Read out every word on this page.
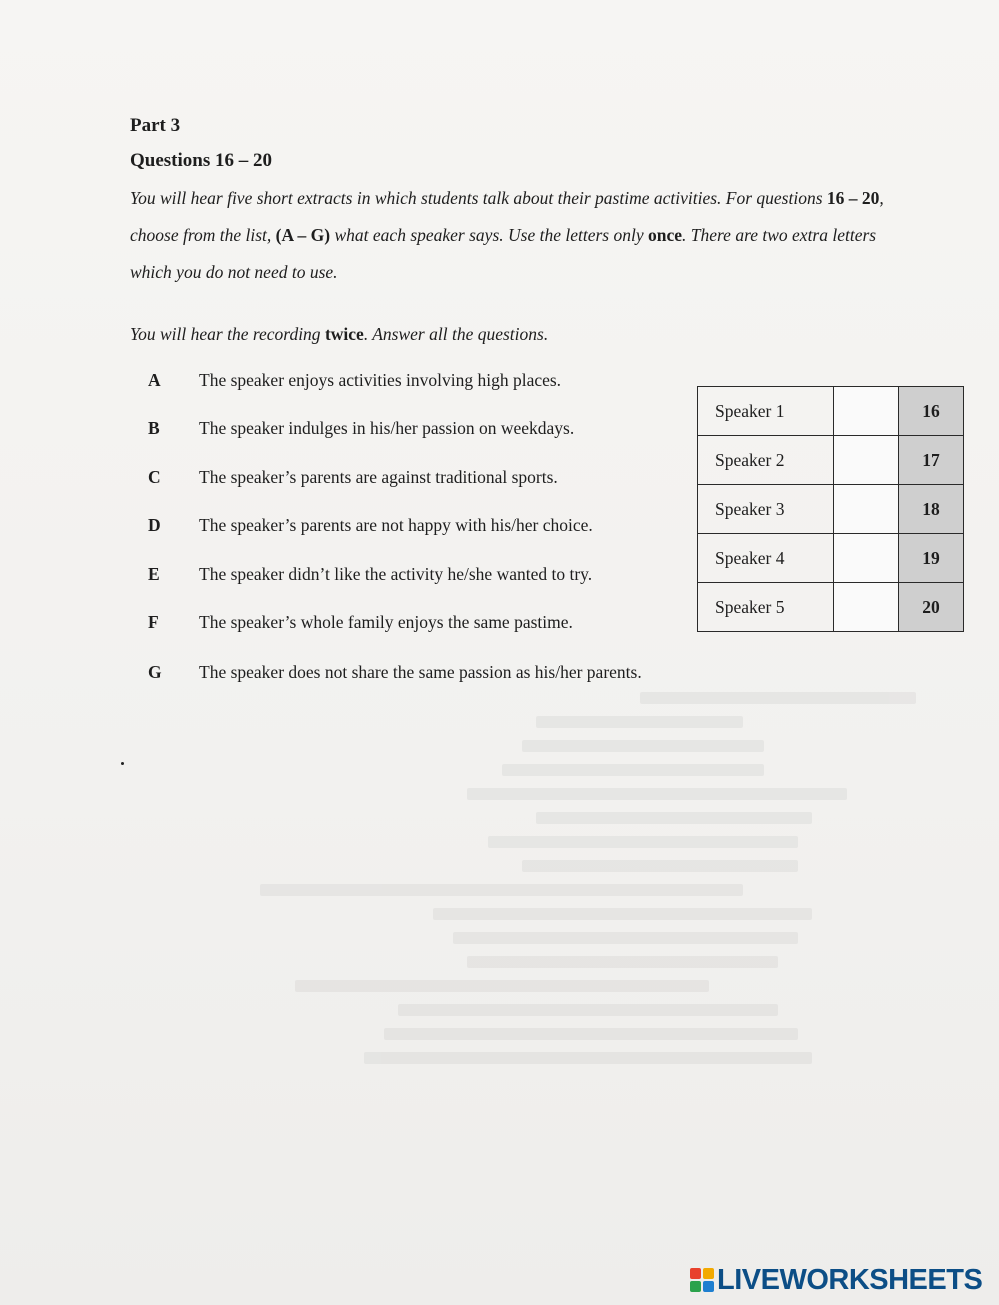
Part 3
Questions 16 – 20
You will hear five short extracts in which students talk about their pastime activities. For questions 16 – 20, choose from the list, (A – G) what each speaker says. Use the letters only once. There are two extra letters which you do not need to use.
You will hear the recording twice. Answer all the questions.
A	The speaker enjoys activities involving high places.
B	The speaker indulges in his/her passion on weekdays.
C	The speaker’s parents are against traditional sports.
D	The speaker’s parents are not happy with his/her choice.
E	The speaker didn’t like the activity he/she wanted to try.
F	The speaker’s whole family enjoys the same pastime.
G	The speaker does not share the same passion as his/her parents.
Speaker 1		16
Speaker 2		17
Speaker 3		18
Speaker 4		19
Speaker 5		20
LIVEWORKSHEETS
